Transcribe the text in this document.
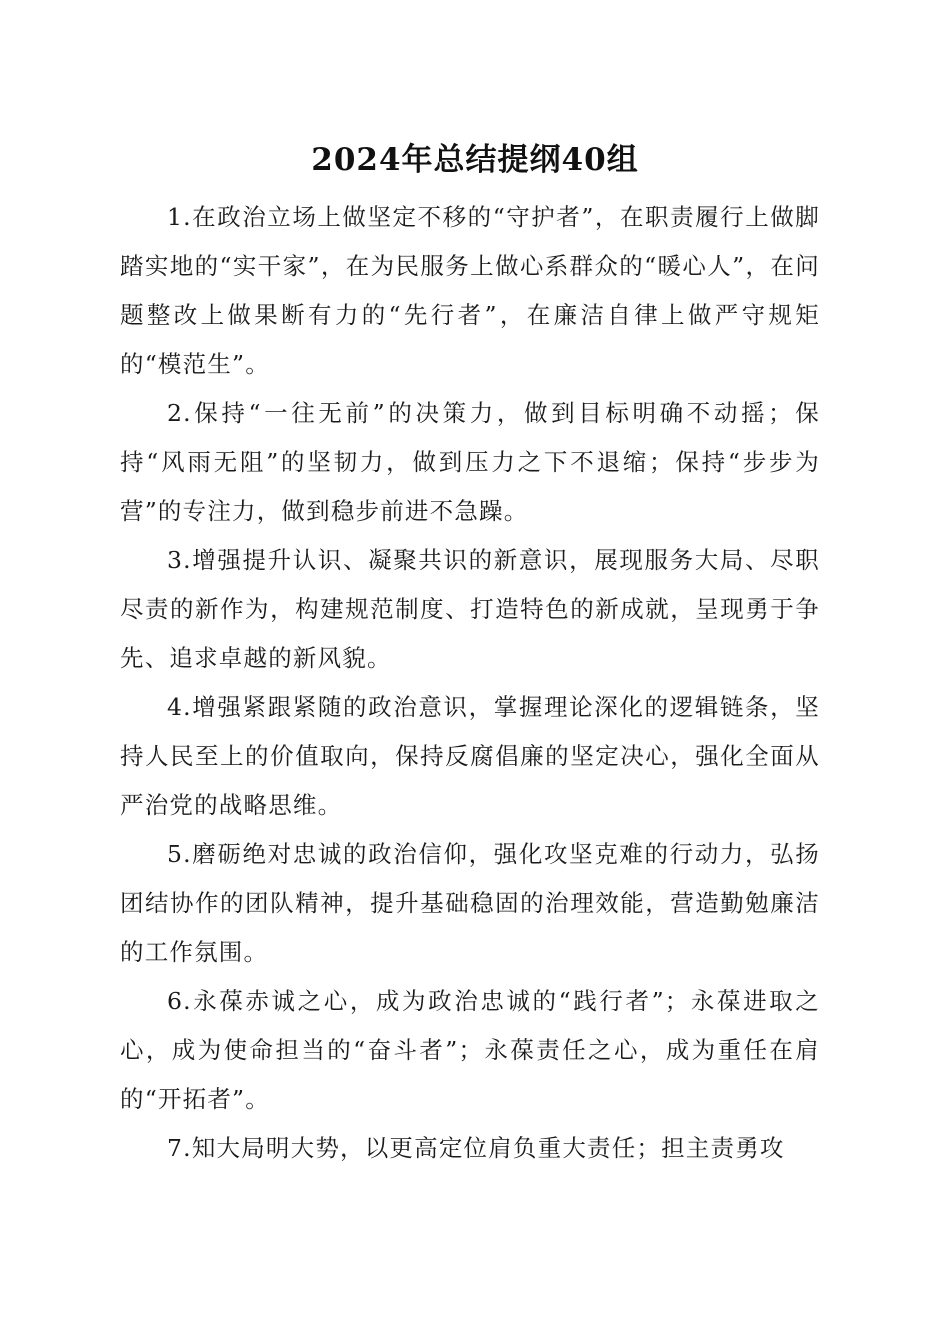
2024年总结提纲40组

1.在政治立场上做坚定不移的“守护者”，在职责履行上做脚踏实地的“实干家”，在为民服务上做心系群众的“暖心人”，在问题整改上做果断有力的“先行者”，在廉洁自律上做严守规矩的“模范生”。

2.保持“一往无前”的决策力，做到目标明确不动摇；保持“风雨无阻”的坚韧力，做到压力之下不退缩；保持“步步为营”的专注力，做到稳步前进不急躁。

3.增强提升认识、凝聚共识的新意识，展现服务大局、尽职尽责的新作为，构建规范制度、打造特色的新成就，呈现勇于争先、追求卓越的新风貌。

4.增强紧跟紧随的政治意识，掌握理论深化的逻辑链条，坚持人民至上的价值取向，保持反腐倡廉的坚定决心，强化全面从严治党的战略思维。

5.磨砺绝对忠诚的政治信仰，强化攻坚克难的行动力，弘扬团结协作的团队精神，提升基础稳固的治理效能，营造勤勉廉洁的工作氛围。

6.永葆赤诚之心，成为政治忠诚的“践行者”；永葆进取之心，成为使命担当的“奋斗者”；永葆责任之心，成为重任在肩的“开拓者”。

7.知大局明大势，以更高定位肩负重大责任；担主责勇攻
